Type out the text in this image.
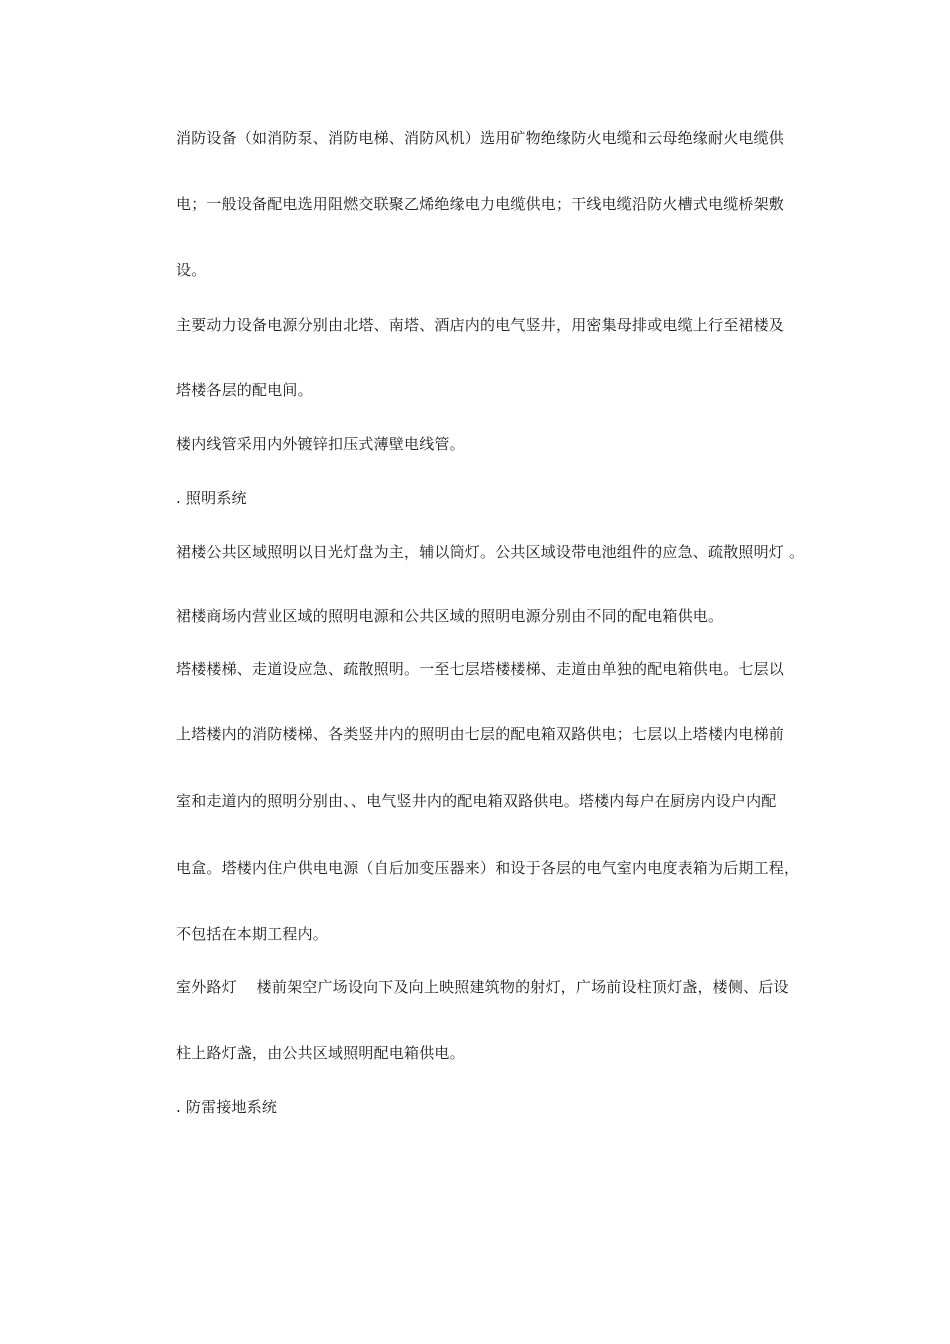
消防设备（如消防泵、消防电梯、消防风机）选用矿物绝缘防火电缆和云母绝缘耐火电缆供
电；一般设备配电选用阻燃交联聚乙烯绝缘电力电缆供电；干线电缆沿防火槽式电缆桥架敷
设。
主要动力设备电源分别由北塔、南塔、酒店内的电气竖井，用密集母排或电缆上行至裙楼及
塔楼各层的配电间。
楼内线管采用内外镀锌扣压式薄壁电线管。
. 照明系统
裙楼公共区域照明以日光灯盘为主，辅以筒灯。公共区域设带电池组件的应急、疏散照明灯 。
裙楼商场内营业区域的照明电源和公共区域的照明电源分别由不同的配电箱供电。
塔楼楼梯、走道设应急、疏散照明。一至七层塔楼楼梯、走道由单独的配电箱供电。七层以
上塔楼内的消防楼梯、各类竖井内的照明由七层的配电箱双路供电；七层以上塔楼内电梯前
室和走道内的照明分别由、、电气竖井内的配电箱双路供电。塔楼内每户在厨房内设户内配
电盒。塔楼内住户供电电源（自后加变压器来）和设于各层的电气室内电度表箱为后期工程，
不包括在本期工程内。
室外路灯    楼前架空广场设向下及向上映照建筑物的射灯，广场前设柱顶灯盏，楼侧、后设
柱上路灯盏，由公共区域照明配电箱供电。
. 防雷接地系统
